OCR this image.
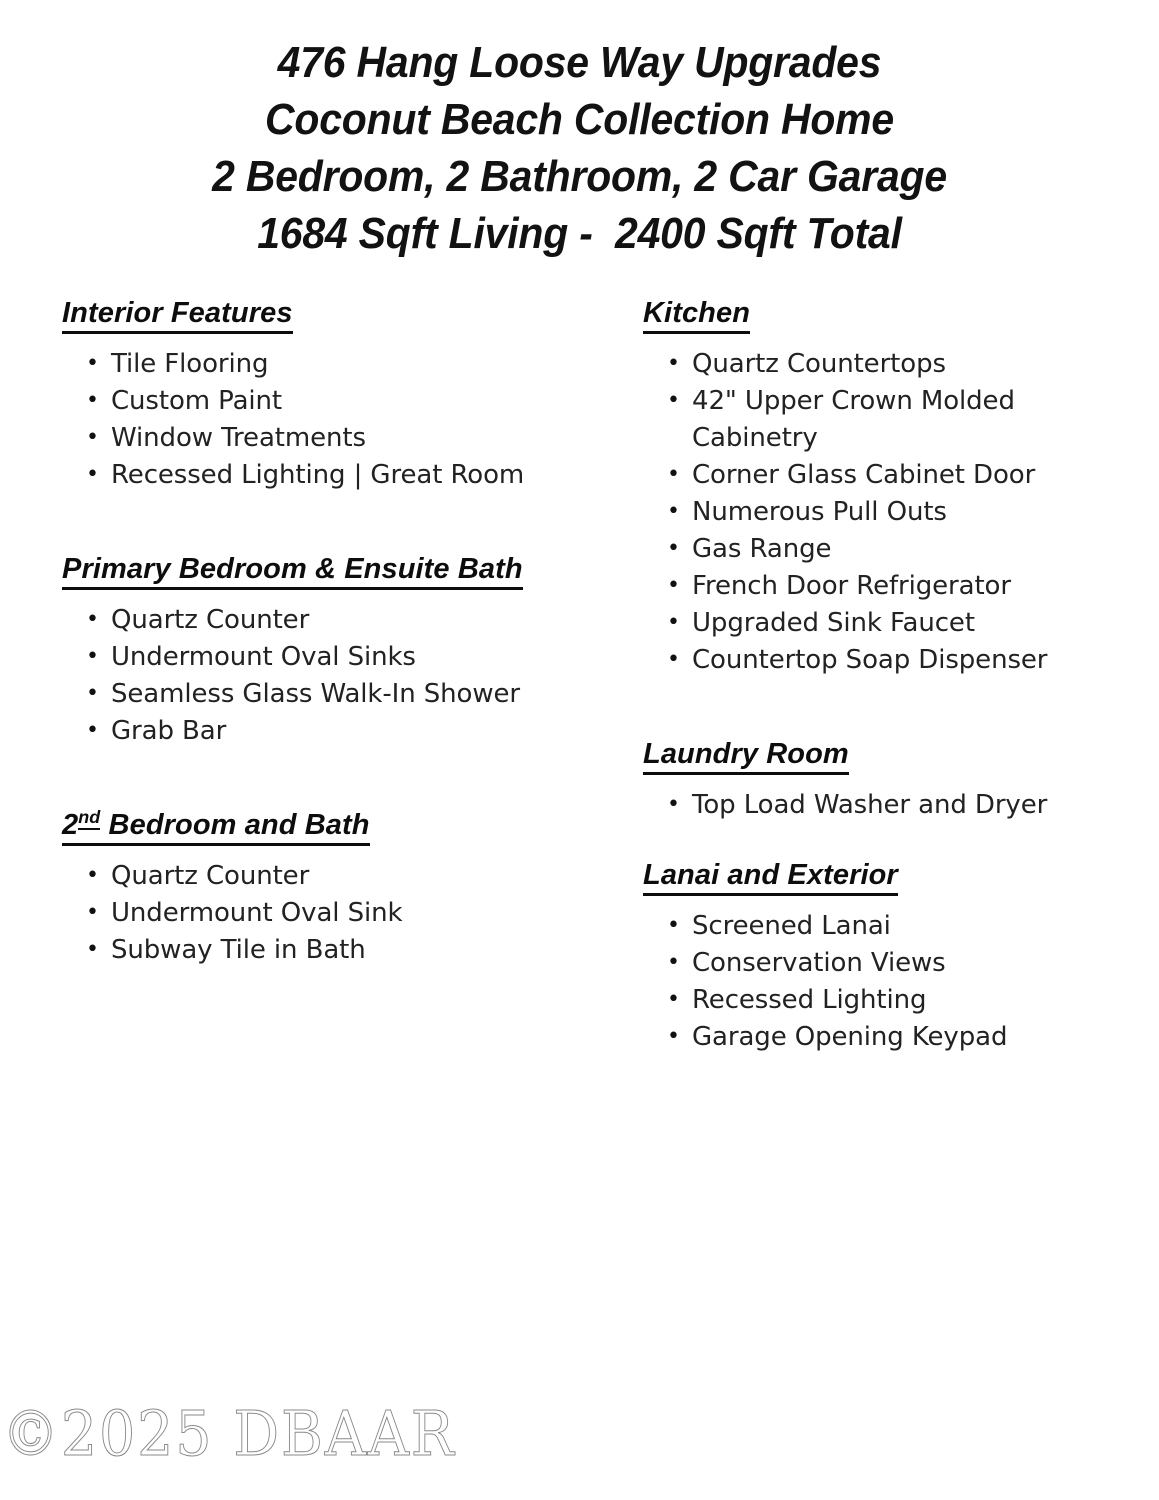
476 Hang Loose Way Upgrades
Coconut Beach Collection Home
2 Bedroom, 2 Bathroom, 2 Car Garage
1684 Sqft Living -  2400 Sqft Total
Interior Features
• Tile Flooring
• Custom Paint
• Window Treatments
• Recessed Lighting | Great Room
Primary Bedroom & Ensuite Bath
• Quartz Counter
• Undermount Oval Sinks
• Seamless Glass Walk-In Shower
• Grab Bar
2nd Bedroom and Bath
• Quartz Counter
• Undermount Oval Sink
• Subway Tile in Bath
Kitchen
• Quartz Countertops
• 42" Upper Crown Molded Cabinetry
• Corner Glass Cabinet Door
• Numerous Pull Outs
• Gas Range
• French Door Refrigerator
• Upgraded Sink Faucet
• Countertop Soap Dispenser
Laundry Room
• Top Load Washer and Dryer
Lanai and Exterior
• Screened Lanai
• Conservation Views
• Recessed Lighting
• Garage Opening Keypad
©2025 DBAAR
